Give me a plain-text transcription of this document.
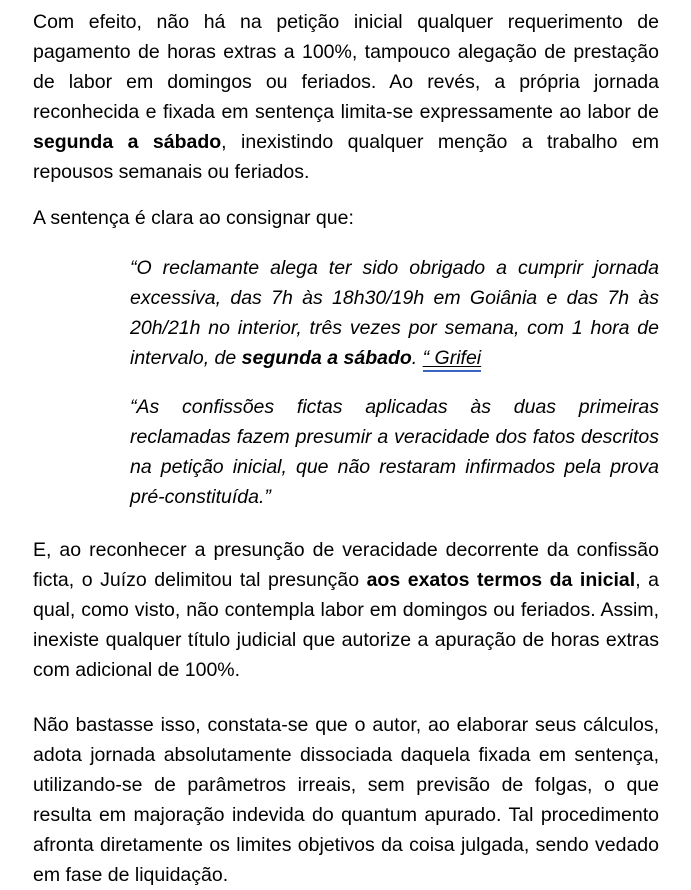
Com efeito, não há na petição inicial qualquer requerimento de pagamento de horas extras a 100%, tampouco alegação de prestação de labor em domingos ou feriados. Ao revés, a própria jornada reconhecida e fixada em sentença limita-se expressamente ao labor de segunda a sábado, inexistindo qualquer menção a trabalho em repousos semanais ou feriados.

A sentença é clara ao consignar que:

“O reclamante alega ter sido obrigado a cumprir jornada excessiva, das 7h às 18h30/19h em Goiânia e das 7h às 20h/21h no interior, três vezes por semana, com 1 hora de intervalo, de segunda a sábado. “ Grifei

“As confissões fictas aplicadas às duas primeiras reclamadas fazem presumir a veracidade dos fatos descritos na petição inicial, que não restaram infirmados pela prova pré-constituída.”

E, ao reconhecer a presunção de veracidade decorrente da confissão ficta, o Juízo delimitou tal presunção aos exatos termos da inicial, a qual, como visto, não contempla labor em domingos ou feriados. Assim, inexiste qualquer título judicial que autorize a apuração de horas extras com adicional de 100%.

Não bastasse isso, constata-se que o autor, ao elaborar seus cálculos, adota jornada absolutamente dissociada daquela fixada em sentença, utilizando-se de parâmetros irreais, sem previsão de folgas, o que resulta em majoração indevida do quantum apurado. Tal procedimento afronta diretamente os limites objetivos da coisa julgada, sendo vedado em fase de liquidação.
